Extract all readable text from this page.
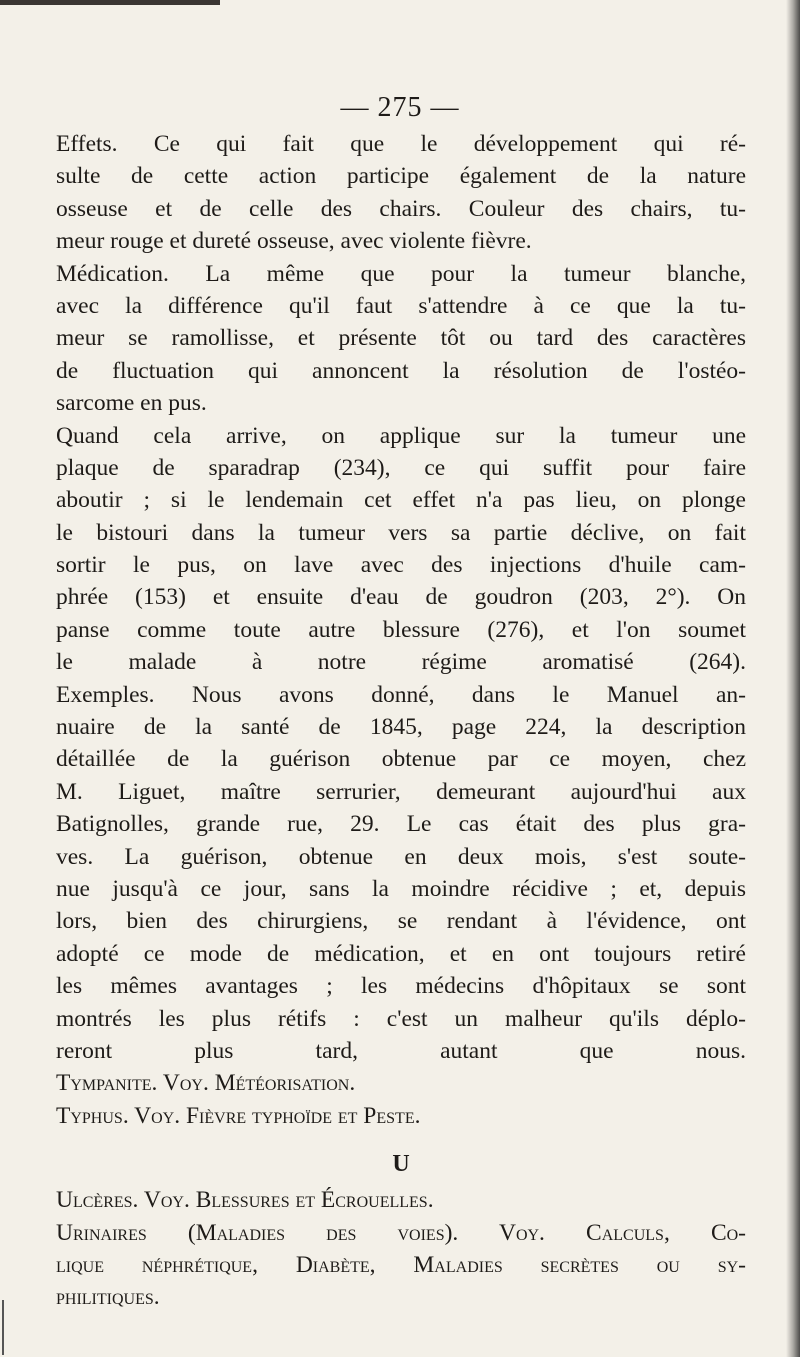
— 275 —
Effets. Ce qui fait que le développement qui ré-
sulte de cette action participe également de la nature
osseuse et de celle des chairs. Couleur des chairs, tu-
meur rouge et dureté osseuse, avec violente fièvre.
Médication. La même que pour la tumeur blanche,
avec la différence qu'il faut s'attendre à ce que la tu-
meur se ramollisse, et présente tôt ou tard des caractères
de fluctuation qui annoncent la résolution de l'ostéo-
sarcome en pus.
Quand cela arrive, on applique sur la tumeur une
plaque de sparadrap (234), ce qui suffit pour faire
aboutir ; si le lendemain cet effet n'a pas lieu, on plonge
le bistouri dans la tumeur vers sa partie déclive, on fait
sortir le pus, on lave avec des injections d'huile cam-
phrée (153) et ensuite d'eau de goudron (203, 2°). On
panse comme toute autre blessure (276), et l'on soumet
le malade à notre régime aromatisé (264).
Exemples. Nous avons donné, dans le Manuel an-
nuaire de la santé de 1845, page 224, la description
détaillée de la guérison obtenue par ce moyen, chez
M. Liguet, maître serrurier, demeurant aujourd'hui aux
Batignolles, grande rue, 29. Le cas était des plus gra-
ves. La guérison, obtenue en deux mois, s'est soute-
nue jusqu'à ce jour, sans la moindre récidive ; et, depuis
lors, bien des chirurgiens, se rendant à l'évidence, ont
adopté ce mode de médication, et en ont toujours retiré
les mêmes avantages ; les médecins d'hôpitaux se sont
montrés les plus rétifs : c'est un malheur qu'ils déplo-
reront plus tard, autant que nous.
Tympanite. Voy. Météorisation.
Typhus. Voy. Fièvre typhoïde et Peste.
U
Ulcères. Voy. Blessures et Écrouelles.
Urinaires (Maladies des voies). Voy. Calculs, Co-
lique néphrétique, Diabète, Maladies secrètes ou sy-
philitiques.
